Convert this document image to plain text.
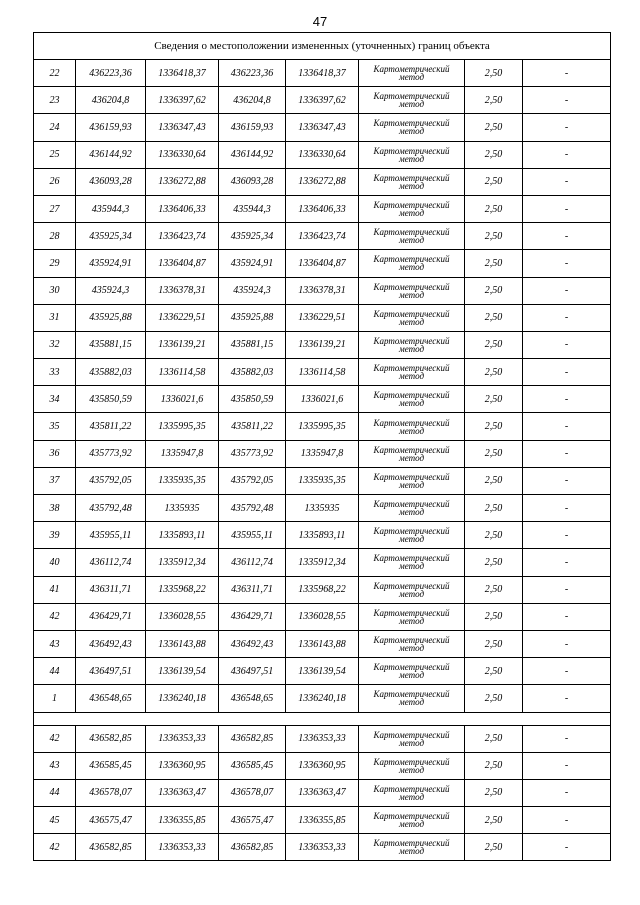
47
Сведения о местоположении измененных (уточненных) границ объекта							
22	436223,36	1336418,37	436223,36	1336418,37	Картометрический
метод	2,50	-
23	436204,8	1336397,62	436204,8	1336397,62	Картометрический
метод	2,50	-
24	436159,93	1336347,43	436159,93	1336347,43	Картометрический
метод	2,50	-
25	436144,92	1336330,64	436144,92	1336330,64	Картометрический
метод	2,50	-
26	436093,28	1336272,88	436093,28	1336272,88	Картометрический
метод	2,50	-
27	435944,3	1336406,33	435944,3	1336406,33	Картометрический
метод	2,50	-
28	435925,34	1336423,74	435925,34	1336423,74	Картометрический
метод	2,50	-
29	435924,91	1336404,87	435924,91	1336404,87	Картометрический
метод	2,50	-
30	435924,3	1336378,31	435924,3	1336378,31	Картометрический
метод	2,50	-
31	435925,88	1336229,51	435925,88	1336229,51	Картометрический
метод	2,50	-
32	435881,15	1336139,21	435881,15	1336139,21	Картометрический
метод	2,50	-
33	435882,03	1336114,58	435882,03	1336114,58	Картометрический
метод	2,50	-
34	435850,59	1336021,6	435850,59	1336021,6	Картометрический
метод	2,50	-
35	435811,22	1335995,35	435811,22	1335995,35	Картометрический
метод	2,50	-
36	435773,92	1335947,8	435773,92	1335947,8	Картометрический
метод	2,50	-
37	435792,05	1335935,35	435792,05	1335935,35	Картометрический
метод	2,50	-
38	435792,48	1335935	435792,48	1335935	Картометрический
метод	2,50	-
39	435955,11	1335893,11	435955,11	1335893,11	Картометрический
метод	2,50	-
40	436112,74	1335912,34	436112,74	1335912,34	Картометрический
метод	2,50	-
41	436311,71	1335968,22	436311,71	1335968,22	Картометрический
метод	2,50	-
42	436429,71	1336028,55	436429,71	1336028,55	Картометрический
метод	2,50	-
43	436492,43	1336143,88	436492,43	1336143,88	Картометрический
метод	2,50	-
44	436497,51	1336139,54	436497,51	1336139,54	Картометрический
метод	2,50	-
1	436548,65	1336240,18	436548,65	1336240,18	Картометрический
метод	2,50	-

42	436582,85	1336353,33	436582,85	1336353,33	Картометрический
метод	2,50	-
43	436585,45	1336360,95	436585,45	1336360,95	Картометрический
метод	2,50	-
44	436578,07	1336363,47	436578,07	1336363,47	Картометрический
метод	2,50	-
45	436575,47	1336355,85	436575,47	1336355,85	Картометрический
метод	2,50	-
42	436582,85	1336353,33	436582,85	1336353,33	Картометрический
метод	2,50	-
